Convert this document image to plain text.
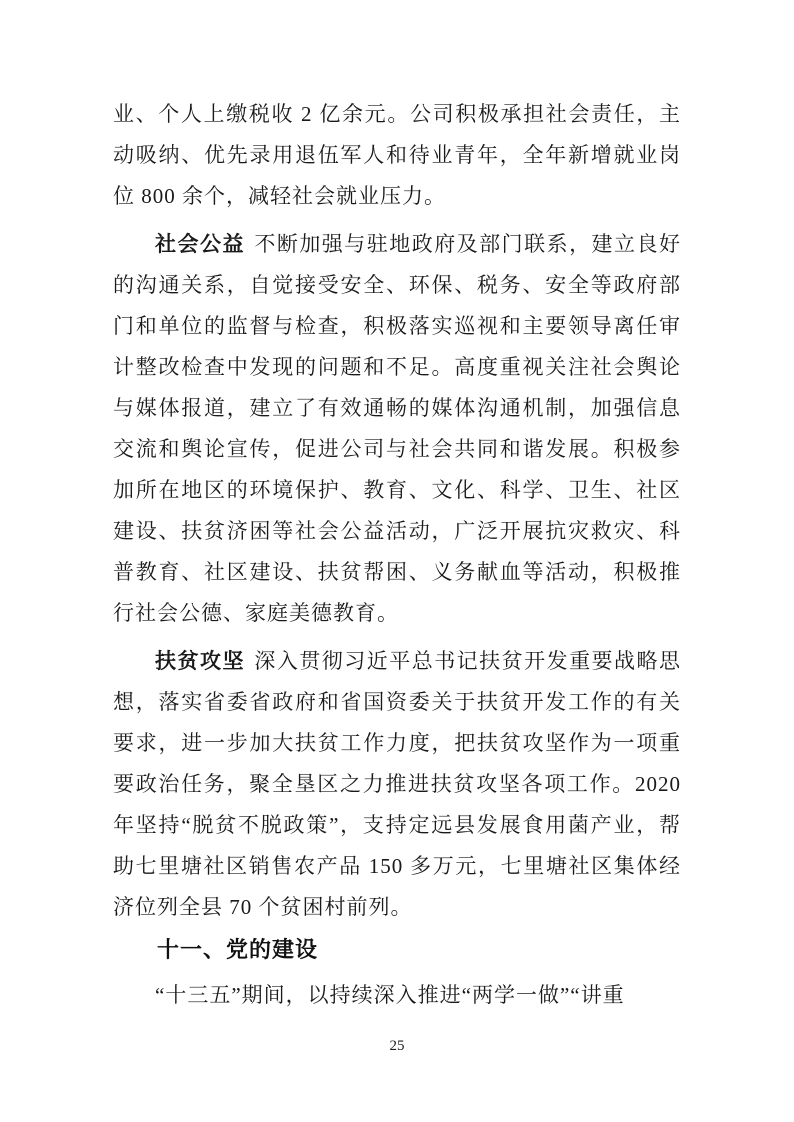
业、个人上缴税收 2 亿余元。公司积极承担社会责任，主动吸纳、优先录用退伍军人和待业青年，全年新增就业岗位 800 余个，减轻社会就业压力。

社会公益 不断加强与驻地政府及部门联系，建立良好的沟通关系，自觉接受安全、环保、税务、安全等政府部门和单位的监督与检查，积极落实巡视和主要领导离任审计整改检查中发现的问题和不足。高度重视关注社会舆论与媒体报道，建立了有效通畅的媒体沟通机制，加强信息交流和舆论宣传，促进公司与社会共同和谐发展。积极参加所在地区的环境保护、教育、文化、科学、卫生、社区建设、扶贫济困等社会公益活动，广泛开展抗灾救灾、科普教育、社区建设、扶贫帮困、义务献血等活动，积极推行社会公德、家庭美德教育。

扶贫攻坚 深入贯彻习近平总书记扶贫开发重要战略思想，落实省委省政府和省国资委关于扶贫开发工作的有关要求，进一步加大扶贫工作力度，把扶贫攻坚作为一项重要政治任务，聚全垦区之力推进扶贫攻坚各项工作。2020 年坚持“脱贫不脱政策”，支持定远县发展食用菌产业，帮助七里塘社区销售农产品 150 多万元，七里塘社区集体经济位列全县 70 个贫困村前列。

十一、党的建设

“十三五”期间，以持续深入推进“两学一做”“讲重

25
